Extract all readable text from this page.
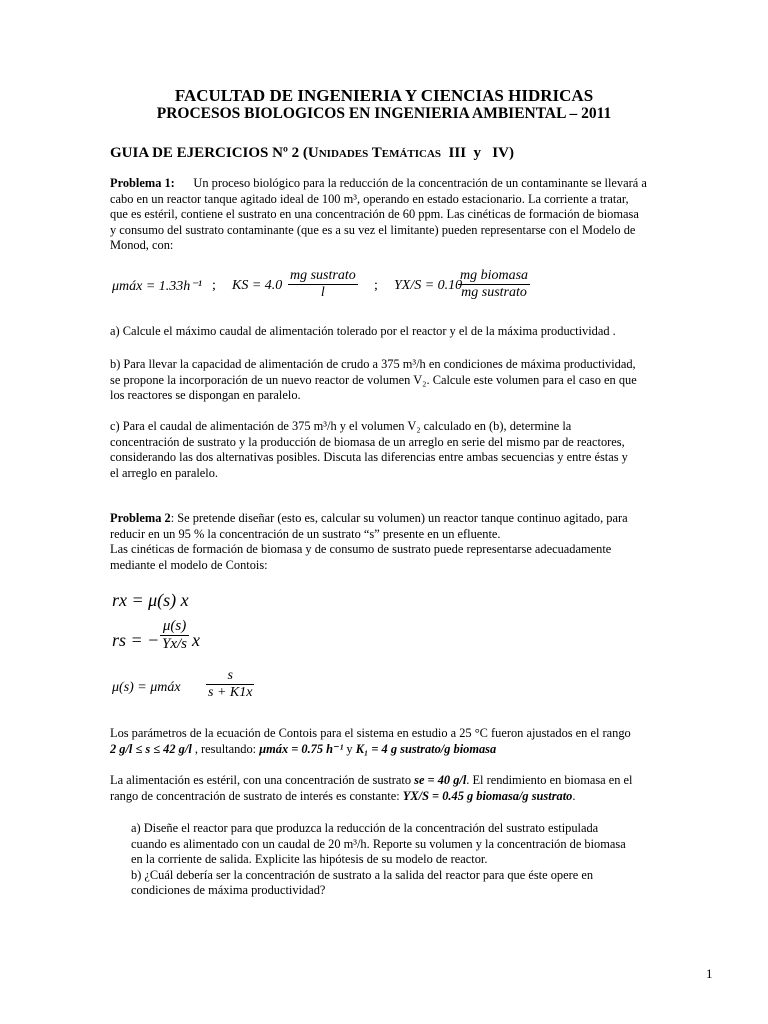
FACULTAD DE INGENIERIA Y CIENCIAS HIDRICAS
PROCESOS BIOLOGICOS EN INGENIERIA AMBIENTAL – 2011
GUIA DE EJERCICIOS Nº 2 (Unidades Temáticas  III  y   IV)
Problema 1: Un proceso biológico para la reducción de la concentración de un contaminante se llevará a
cabo en un reactor tanque agitado ideal de 100 m³, operando en estado estacionario. La corriente a tratar,
que es estéril, contiene el sustrato en una concentración de 60 ppm. Las cinéticas de formación de biomasa
y consumo del sustrato contaminante (que es a su vez el limitante) pueden representarse con el Modelo de
Monod, con:
μmáx = 1.33h⁻¹ ; KS = 4.0
mg sustrato
l	; YX/S = 0.10
mg biomasa
mg sustrato
a) Calcule el máximo caudal de alimentación tolerado por el reactor y el de la máxima productividad .
b) Para llevar la capacidad de alimentación de crudo a 375 m³/h en condiciones de máxima productividad,
se propone la incorporación de un nuevo reactor de volumen V₂. Calcule este volumen para el caso en que
los reactores se dispongan en paralelo.
c) Para el caudal de alimentación de 375 m³/h y el volumen V₂ calculado en (b), determine la
concentración de sustrato y la producción de biomasa de un arreglo en serie del mismo par de reactores,
considerando las dos alternativas posibles. Discuta las diferencias entre ambas secuencias y entre éstas y
el arreglo en paralelo.
Problema 2: Se pretende diseñar (esto es, calcular su volumen) un reactor tanque continuo agitado, para
reducir en un 95 % la concentración de un sustrato “s” presente en un efluente.
Las cinéticas de formación de biomasa y de consumo de sustrato puede representarse adecuadamente
mediante el modelo de Contois:
rx = μ(s) x
rs = − $\frac{\mu(s)}{Yx/s}$ x
μ(s) = μmáx $\frac{s}{s + K1x}$
Los parámetros de la ecuación de Contois para el sistema en estudio a 25 °C fueron ajustados en el rango
2 g/l ≤ s ≤ 42 g/l , resultando: μmáx = 0.75 h⁻¹ y K₁ = 4 g sustrato/g biomasa
La alimentación es estéril, con una concentración de sustrato se = 40 g/l. El rendimiento en biomasa en el
rango de concentración de sustrato de interés es constante: YX/S = 0.45 g biomasa/g sustrato.
a) Diseñe el reactor para que produzca la reducción de la concentración del sustrato estipulada
cuando es alimentado con un caudal de 20 m³/h. Reporte su volumen y la concentración de biomasa
en la corriente de salida. Explicite las hipótesis de su modelo de reactor.
b) ¿Cuál debería ser la concentración de sustrato a la salida del reactor para que éste opere en
condiciones de máxima productividad?
1
